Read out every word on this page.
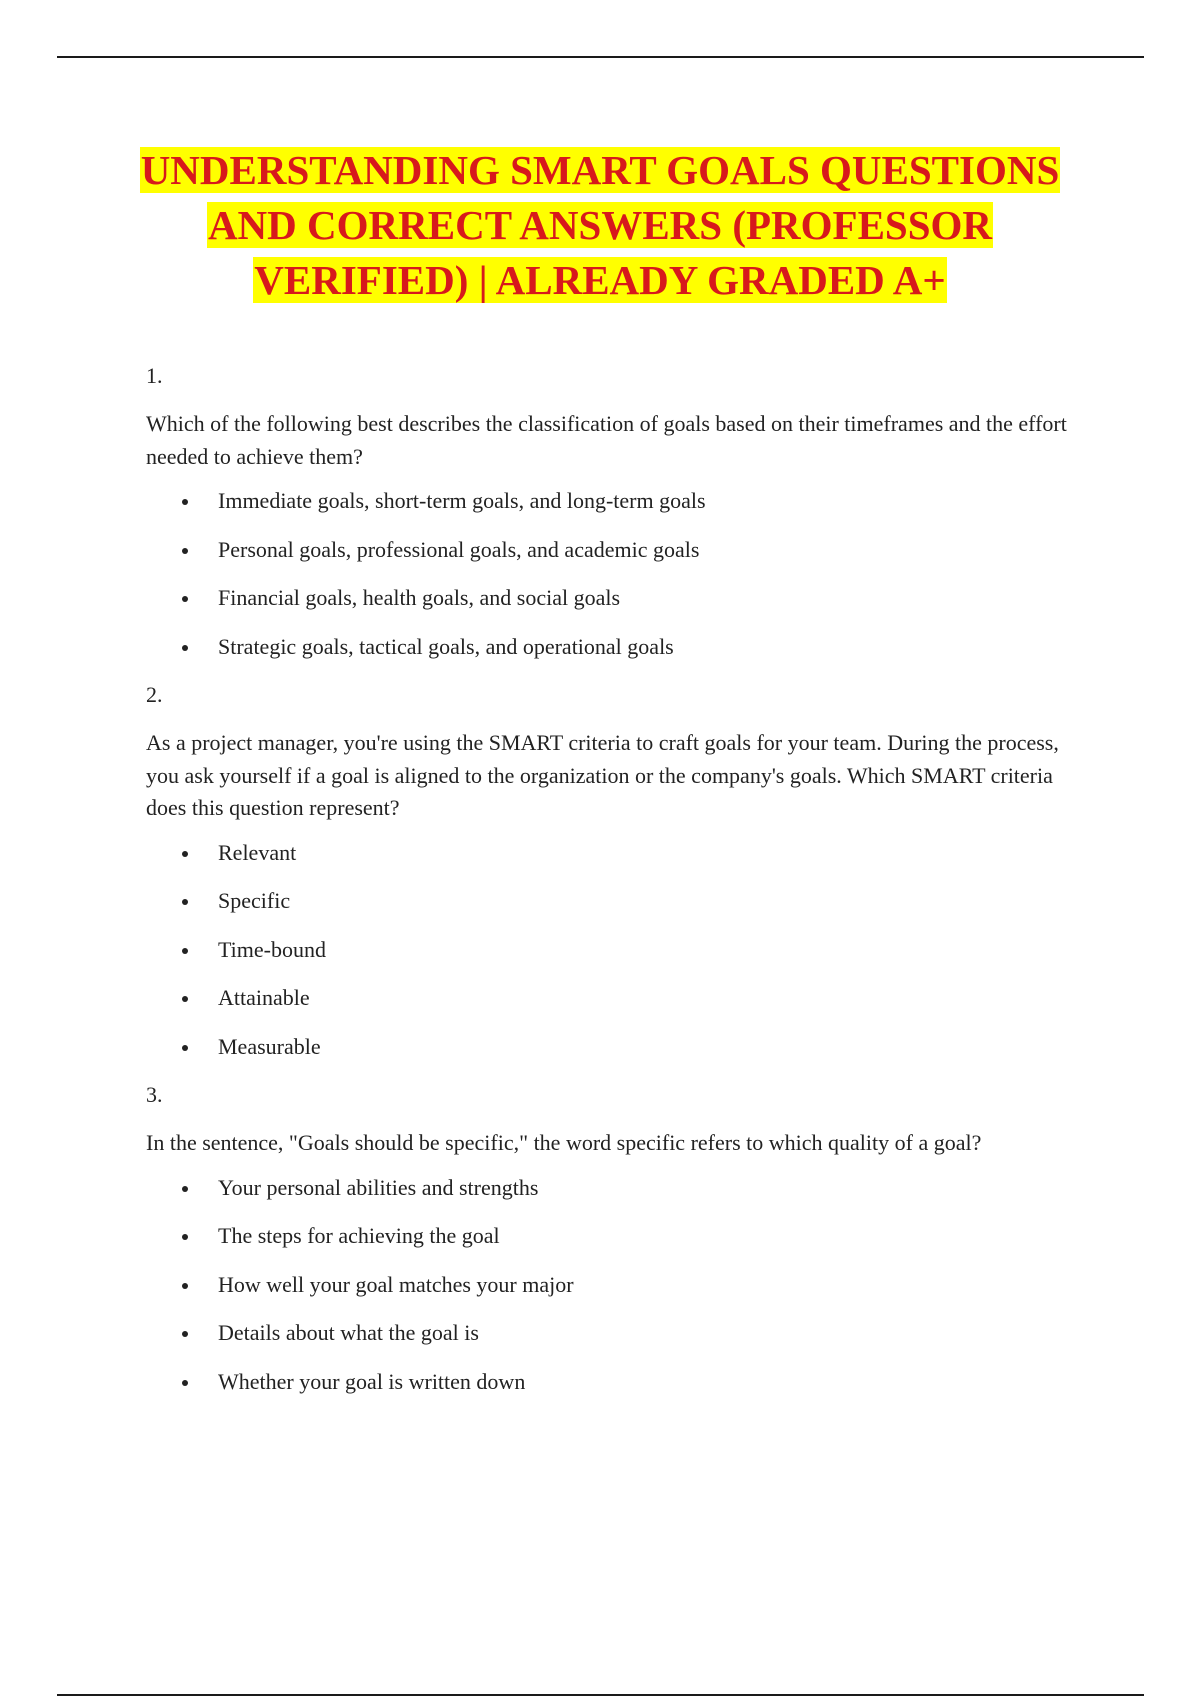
UNDERSTANDING SMART GOALS QUESTIONS
AND CORRECT ANSWERS (PROFESSOR
VERIFIED) | ALREADY GRADED A+

1.

Which of the following best describes the classification of goals based on their timeframes and the effort needed to achieve them?

Immediate goals, short-term goals, and long-term goals
Personal goals, professional goals, and academic goals
Financial goals, health goals, and social goals
Strategic goals, tactical goals, and operational goals

2.

As a project manager, you're using the SMART criteria to craft goals for your team. During the process, you ask yourself if a goal is aligned to the organization or the company's goals. Which SMART criteria does this question represent?

Relevant
Specific
Time-bound
Attainable
Measurable

3.

In the sentence, "Goals should be specific," the word specific refers to which quality of a goal?

Your personal abilities and strengths
The steps for achieving the goal
How well your goal matches your major
Details about what the goal is
Whether your goal is written down
